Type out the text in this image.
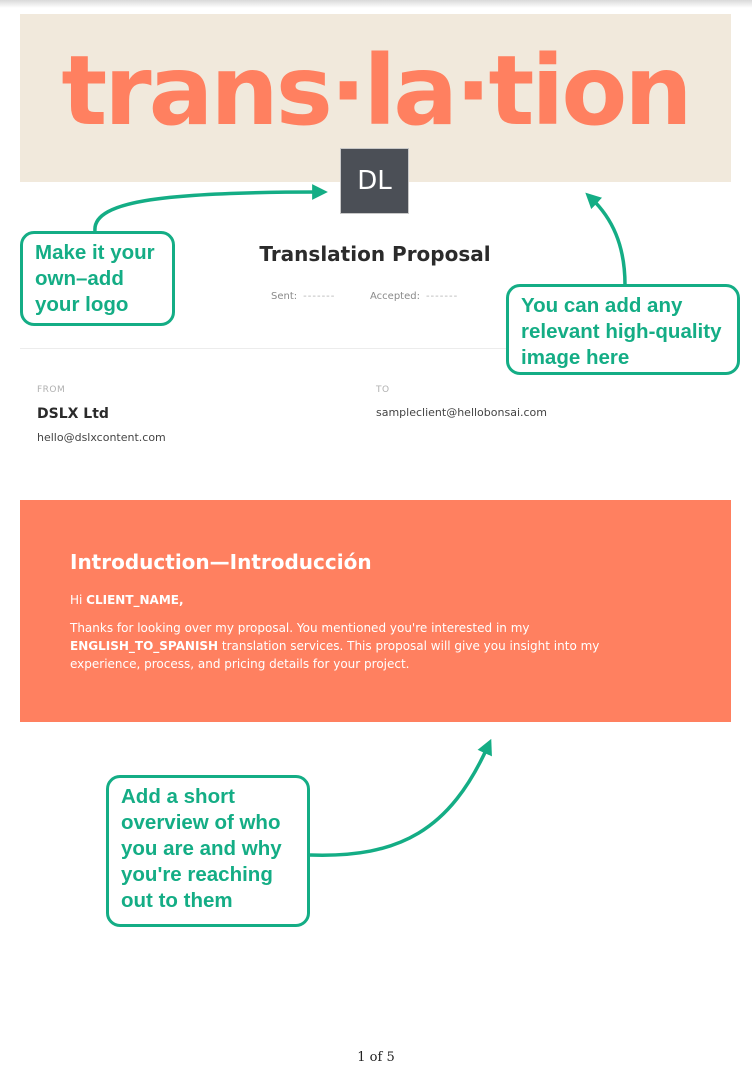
trans·la·tion
DL
Translation Proposal
Sent: -------	Accepted: -------
FROM
DSLX Ltd
hello@dslxcontent.com
TO
sampleclient@hellobonsai.com
Introduction—Introducción
Hi CLIENT_NAME,
Thanks for looking over my proposal. You mentioned you're interested in my ENGLISH_TO_SPANISH translation services. This proposal will give you insight into my experience, process, and pricing details for your project.
Make it your own–add your logo	You can add any relevant high-quality image here
Add a short overview of who you are and why you're reaching out to them
1 of 5
